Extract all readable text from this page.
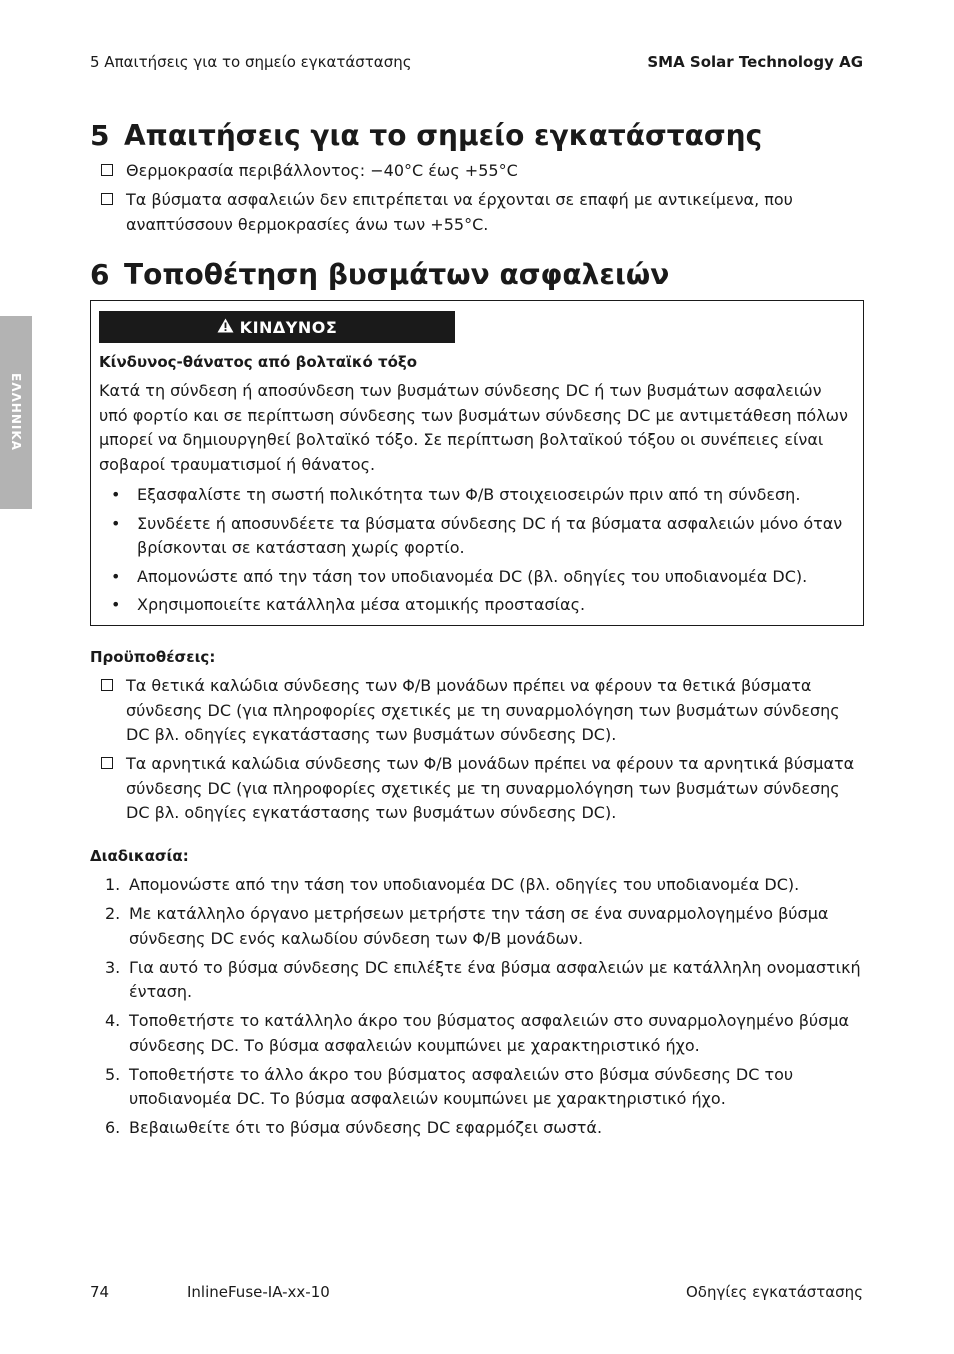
5 Απαιτήσεις για το σημείο εγκατάστασης	SMA Solar Technology AG
ΕΛΛΗΝΙΚΑ
5 Απαιτήσεις για το σημείο εγκατάστασης
Θερμοκρασία περιβάλλοντος: −40°C έως +55°C
Τα βύσματα ασφαλειών δεν επιτρέπεται να έρχονται σε επαφή με αντικείμενα, που αναπτύσσουν θερμοκρασίες άνω των +55°C.
6 Τοποθέτηση βυσμάτων ασφαλειών
ΚΙΝΔΥΝΟΣ
Κίνδυνος-θάνατος από βολταϊκό τόξο
Κατά τη σύνδεση ή αποσύνδεση των βυσμάτων σύνδεσης DC ή των βυσμάτων ασφαλειών υπό φορτίο και σε περίπτωση σύνδεσης των βυσμάτων σύνδεσης DC με αντιμετάθεση πόλων μπορεί να δημιουργηθεί βολταϊκό τόξο. Σε περίπτωση βολταϊκού τόξου οι συνέπειες είναι σοβαροί τραυματισμοί ή θάνατος.
•	Εξασφαλίστε τη σωστή πολικότητα των Φ/Β στοιχειοσειρών πριν από τη σύνδεση.
•	Συνδέετε ή αποσυνδέετε τα βύσματα σύνδεσης DC ή τα βύσματα ασφαλειών μόνο όταν βρίσκονται σε κατάσταση χωρίς φορτίο.
•	Απομονώστε από την τάση τον υποδιανομέα DC (βλ. οδηγίες του υποδιανομέα DC).
•	Χρησιμοποιείτε κατάλληλα μέσα ατομικής προστασίας.
Προϋποθέσεις:
Τα θετικά καλώδια σύνδεσης των Φ/Β μονάδων πρέπει να φέρουν τα θετικά βύσματα σύνδεσης DC (για πληροφορίες σχετικές με τη συναρμολόγηση των βυσμάτων σύνδεσης DC βλ. οδηγίες εγκατάστασης των βυσμάτων σύνδεσης DC).
Τα αρνητικά καλώδια σύνδεσης των Φ/Β μονάδων πρέπει να φέρουν τα αρνητικά βύσματα σύνδεσης DC (για πληροφορίες σχετικές με τη συναρμολόγηση των βυσμάτων σύνδεσης DC βλ. οδηγίες εγκατάστασης των βυσμάτων σύνδεσης DC).
Διαδικασία:
1. Απομονώστε από την τάση τον υποδιανομέα DC (βλ. οδηγίες του υποδιανομέα DC).
2. Με κατάλληλο όργανο μετρήσεων μετρήστε την τάση σε ένα συναρμολογημένο βύσμα σύνδεσης DC ενός καλωδίου σύνδεση των Φ/Β μονάδων.
3. Για αυτό το βύσμα σύνδεσης DC επιλέξτε ένα βύσμα ασφαλειών με κατάλληλη ονομαστική ένταση.
4. Τοποθετήστε το κατάλληλο άκρο του βύσματος ασφαλειών στο συναρμολογημένο βύσμα σύνδεσης DC. Το βύσμα ασφαλειών κουμπώνει με χαρακτηριστικό ήχο.
5. Τοποθετήστε το άλλο άκρο του βύσματος ασφαλειών στο βύσμα σύνδεσης DC του υποδιανομέα DC. Το βύσμα ασφαλειών κουμπώνει με χαρακτηριστικό ήχο.
6. Βεβαιωθείτε ότι το βύσμα σύνδεσης DC εφαρμόζει σωστά.
74	InlineFuse-IA-xx-10	Οδηγίες εγκατάστασης
